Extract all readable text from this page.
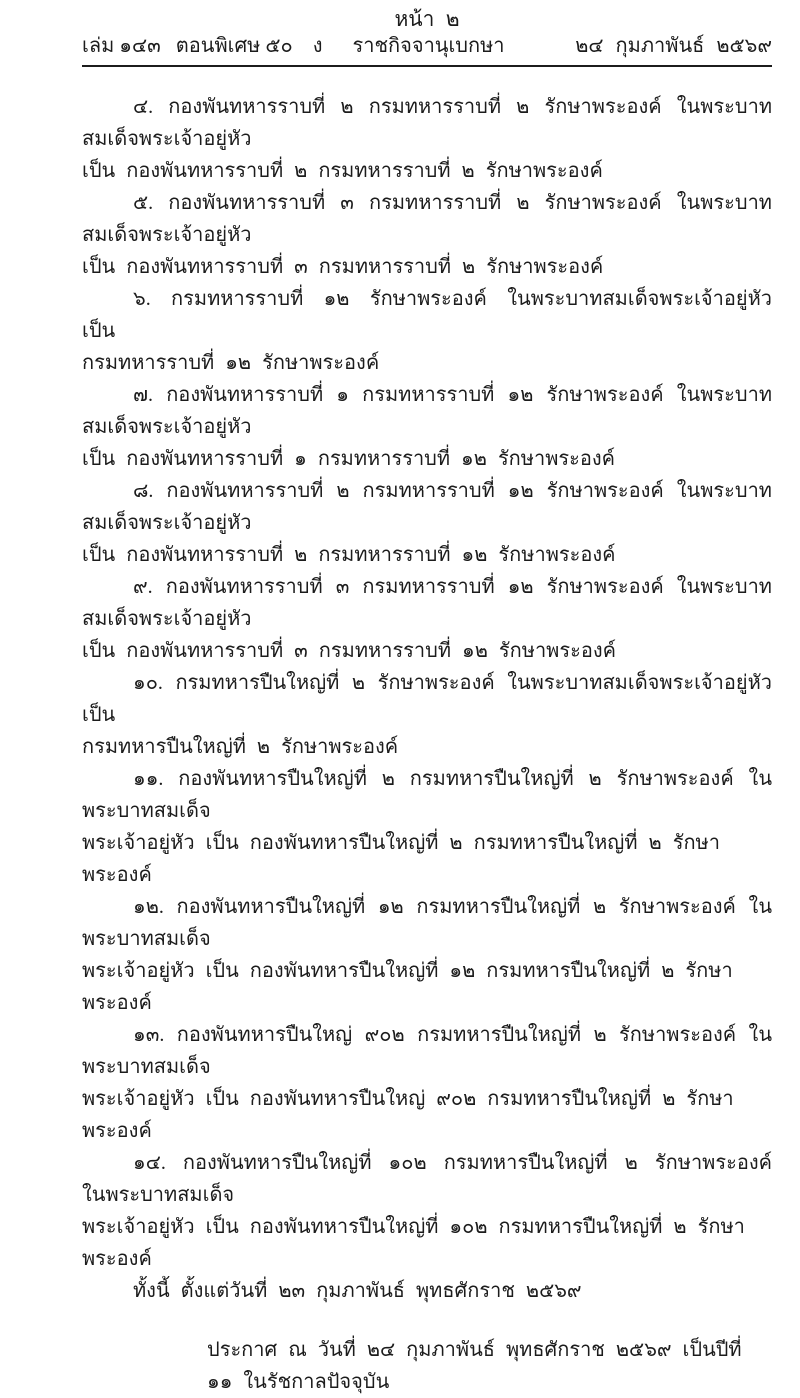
หน้า ๒
เล่ม ๑๔๓   ตอนพิเศษ ๕๐    ง	ราชกิจจานุเบกษา	๒๔ กุมภาพันธ์ ๒๕๖๙

๔. กองพันทหารราบที่ ๒ กรมทหารราบที่ ๒ รักษาพระองค์ ในพระบาทสมเด็จพระเจ้าอยู่หัว
เป็น กองพันทหารราบที่ ๒ กรมทหารราบที่ ๒ รักษาพระองค์

๕. กองพันทหารราบที่ ๓ กรมทหารราบที่ ๒ รักษาพระองค์ ในพระบาทสมเด็จพระเจ้าอยู่หัว
เป็น กองพันทหารราบที่ ๓ กรมทหารราบที่ ๒ รักษาพระองค์

๖. กรมทหารราบที่ ๑๒ รักษาพระองค์ ในพระบาทสมเด็จพระเจ้าอยู่หัว เป็น
กรมทหารราบที่ ๑๒ รักษาพระองค์

๗. กองพันทหารราบที่ ๑ กรมทหารราบที่ ๑๒ รักษาพระองค์ ในพระบาทสมเด็จพระเจ้าอยู่หัว
เป็น กองพันทหารราบที่ ๑ กรมทหารราบที่ ๑๒ รักษาพระองค์

๘. กองพันทหารราบที่ ๒ กรมทหารราบที่ ๑๒ รักษาพระองค์ ในพระบาทสมเด็จพระเจ้าอยู่หัว
เป็น กองพันทหารราบที่ ๒ กรมทหารราบที่ ๑๒ รักษาพระองค์

๙. กองพันทหารราบที่ ๓ กรมทหารราบที่ ๑๒ รักษาพระองค์ ในพระบาทสมเด็จพระเจ้าอยู่หัว
เป็น กองพันทหารราบที่ ๓ กรมทหารราบที่ ๑๒ รักษาพระองค์

๑๐. กรมทหารปืนใหญ่ที่ ๒ รักษาพระองค์ ในพระบาทสมเด็จพระเจ้าอยู่หัว เป็น
กรมทหารปืนใหญ่ที่ ๒ รักษาพระองค์

๑๑. กองพันทหารปืนใหญ่ที่ ๒ กรมทหารปืนใหญ่ที่ ๒ รักษาพระองค์ ในพระบาทสมเด็จ
พระเจ้าอยู่หัว เป็น กองพันทหารปืนใหญ่ที่ ๒ กรมทหารปืนใหญ่ที่ ๒ รักษาพระองค์

๑๒. กองพันทหารปืนใหญ่ที่ ๑๒ กรมทหารปืนใหญ่ที่ ๒ รักษาพระองค์ ในพระบาทสมเด็จ
พระเจ้าอยู่หัว เป็น กองพันทหารปืนใหญ่ที่ ๑๒ กรมทหารปืนใหญ่ที่ ๒ รักษาพระองค์

๑๓. กองพันทหารปืนใหญ่ ๙๐๒ กรมทหารปืนใหญ่ที่ ๒ รักษาพระองค์ ในพระบาทสมเด็จ
พระเจ้าอยู่หัว เป็น กองพันทหารปืนใหญ่ ๙๐๒ กรมทหารปืนใหญ่ที่ ๒ รักษาพระองค์

๑๔. กองพันทหารปืนใหญ่ที่ ๑๐๒ กรมทหารปืนใหญ่ที่ ๒ รักษาพระองค์ ในพระบาทสมเด็จ
พระเจ้าอยู่หัว เป็น กองพันทหารปืนใหญ่ที่ ๑๐๒ กรมทหารปืนใหญ่ที่ ๒ รักษาพระองค์

ทั้งนี้ ตั้งแต่วันที่ ๒๓ กุมภาพันธ์ พุทธศักราช ๒๕๖๙

ประกาศ ณ วันที่ ๒๔ กุมภาพันธ์ พุทธศักราช ๒๕๖๙ เป็นปีที่ ๑๑ ในรัชกาลปัจจุบัน
